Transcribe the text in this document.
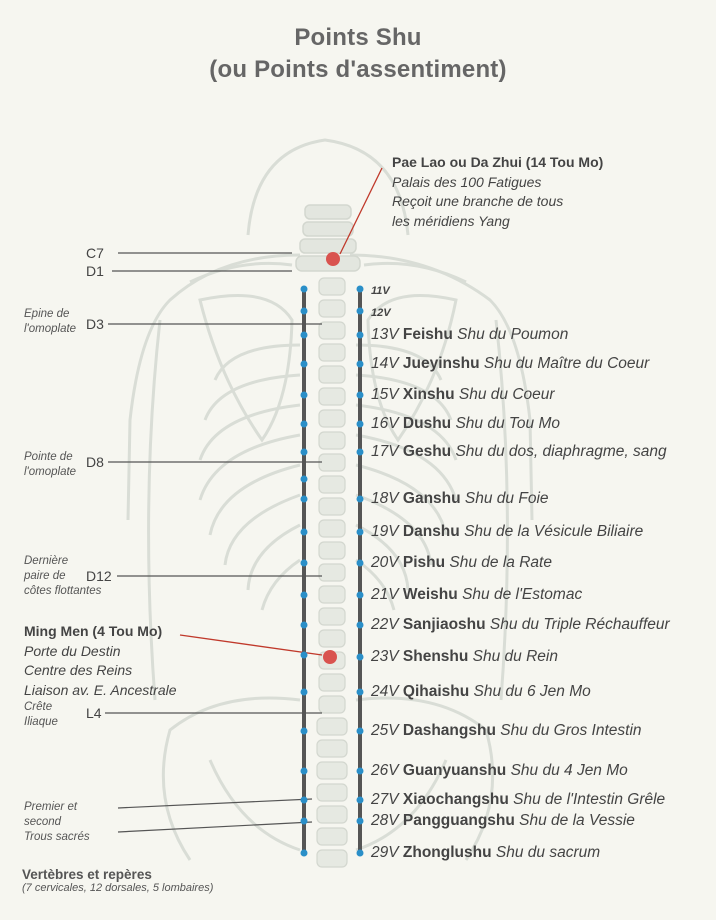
Points Shu
(ou Points d'assentiment)
Pae Lao ou Da Zhui (14 Tou Mo)
Palais des 100 Fatigues
Reçoit une branche de tous
les méridiens Yang
Ming Men (4 Tou Mo)
Porte du Destin
Centre des Reins
Liaison av. E. Ancestrale
C7
D1
D3
D8
D12
L4
Epine de
l'omoplate
Pointe de
l'omoplate
Dernière
paire de
côtes flottantes
Crête
Iliaque
Premier et
second
Trous sacrés
11V
12V
13V Feishu Shu du Poumon
14V Jueyinshu Shu du Maître du Coeur
15V Xinshu Shu du Coeur
16V Dushu Shu du Tou Mo
17V Geshu Shu du dos, diaphragme, sang
18V Ganshu Shu du Foie
19V Danshu Shu de la Vésicule Biliaire
20V Pishu Shu de la Rate
21V Weishu Shu de l'Estomac
22V Sanjiaoshu Shu du Triple Réchauffeur
23V Shenshu Shu du Rein
24V Qihaishu Shu du 6 Jen Mo
25V Dashangshu Shu du Gros Intestin
26V Guanyuanshu Shu du 4 Jen Mo
27V Xiaochangshu Shu de l'Intestin Grêle
28V Pangguangshu Shu de la Vessie
29V Zhonglushu Shu du sacrum
Vertèbres et repères
(7 cervicales, 12 dorsales, 5 lombaires)
